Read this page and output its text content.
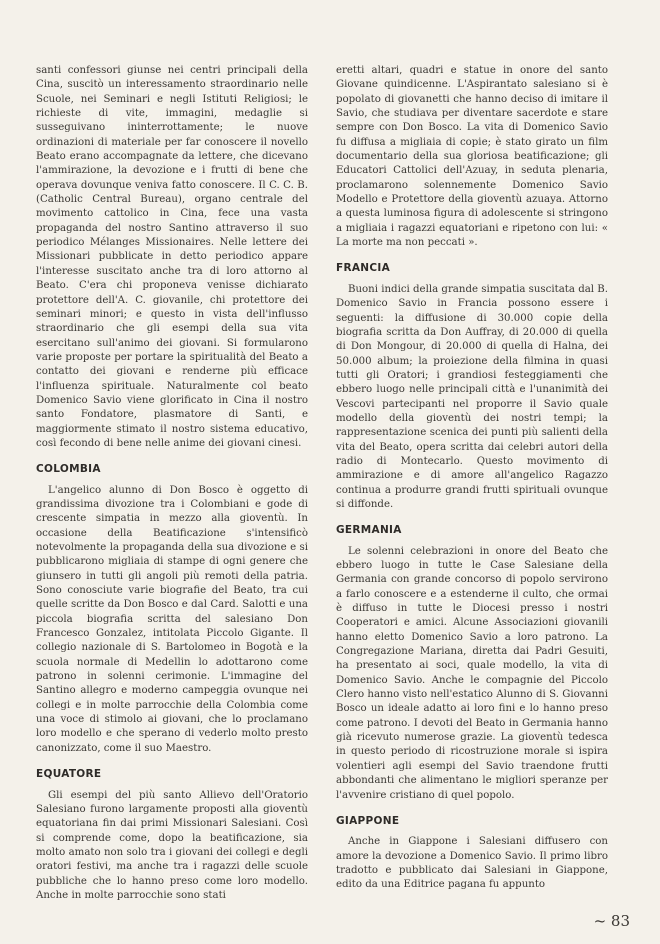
santi confessori giunse nei centri principali della Cina, suscitò un interessamento straordinario nelle Scuole, nei Seminari e negli Istituti Religiosi; le richieste di vite, immagini, medaglie si susseguivano ininterrottamente; le nuove ordinazioni di materiale per far conoscere il novello Beato erano accompagnate da lettere, che dicevano l'ammirazione, la devozione e i frutti di bene che operava dovunque veniva fatto conoscere. Il C. C. B. (Catholic Central Bureau), organo centrale del movimento cattolico in Cina, fece una vasta propaganda del nostro Santino attraverso il suo periodico Mélanges Missionaires. Nelle lettere dei Missionari pubblicate in detto periodico appare l'interesse suscitato anche tra di loro attorno al Beato. C'era chi proponeva venisse dichiarato protettore dell'A. C. giovanile, chi protettore dei seminari minori; e questo in vista dell'influsso straordinario che gli esempi della sua vita esercitano sull'animo dei giovani. Si formularono varie proposte per portare la spiritualità del Beato a contatto dei giovani e renderne più efficace l'influenza spirituale. Naturalmente col beato Domenico Savio viene glorificato in Cina il nostro santo Fondatore, plasmatore di Santi, e maggiormente stimato il nostro sistema educativo, così fecondo di bene nelle anime dei giovani cinesi.

COLOMBIA

L'angelico alunno di Don Bosco è oggetto di grandissima divozione tra i Colombiani e gode di crescente simpatia in mezzo alla gioventù. In occasione della Beatificazione s'intensificò notevolmente la propaganda della sua divozione e si pubblicarono migliaia di stampe di ogni genere che giunsero in tutti gli angoli più remoti della patria. Sono conosciute varie biografie del Beato, tra cui quelle scritte da Don Bosco e dal Card. Salotti e una piccola biografia scritta del salesiano Don Francesco Gonzalez, intitolata Piccolo Gigante. Il collegio nazionale di S. Bartolomeo in Bogotà e la scuola normale di Medellin lo adottarono come patrono in solenni cerimonie. L'immagine del Santino allegro e moderno campeggia ovunque nei collegi e in molte parrocchie della Colombia come una voce di stimolo ai giovani, che lo proclamano loro modello e che sperano di vederlo molto presto canonizzato, come il suo Maestro.

EQUATORE

Gli esempi del più santo Allievo dell'Oratorio Salesiano furono largamente proposti alla gioventù equatoriana fin dai primi Missionari Salesiani. Così si comprende come, dopo la beatificazione, sia molto amato non solo tra i giovani dei collegi e degli oratori festivi, ma anche tra i ragazzi delle scuole pubbliche che lo hanno preso come loro modello. Anche in molte parrocchie sono stati

eretti altari, quadri e statue in onore del santo Giovane quindicenne. L'Aspirantato salesiano si è popolato di giovanetti che hanno deciso di imitare il Savio, che studiava per diventare sacerdote e stare sempre con Don Bosco. La vita di Domenico Savio fu diffusa a migliaia di copie; è stato girato un film documentario della sua gloriosa beatificazione; gli Educatori Cattolici dell'Azuay, in seduta plenaria, proclamarono solennemente Domenico Savio Modello e Protettore della gioventù azuaya. Attorno a questa luminosa figura di adolescente si stringono a migliaia i ragazzi equatoriani e ripetono con lui: « La morte ma non peccati ».

FRANCIA

Buoni indici della grande simpatia suscitata dal B. Domenico Savio in Francia possono essere i seguenti: la diffusione di 30.000 copie della biografia scritta da Don Auffray, di 20.000 di quella di Don Mongour, di 20.000 di quella di Halna, dei 50.000 album; la proiezione della filmina in quasi tutti gli Oratori; i grandiosi festeggiamenti che ebbero luogo nelle principali città e l'unanimità dei Vescovi partecipanti nel proporre il Savio quale modello della gioventù dei nostri tempi; la rappresentazione scenica dei punti più salienti della vita del Beato, opera scritta dai celebri autori della radio di Montecarlo. Questo movimento di ammirazione e di amore all'angelico Ragazzo continua a produrre grandi frutti spirituali ovunque si diffonde.

GERMANIA

Le solenni celebrazioni in onore del Beato che ebbero luogo in tutte le Case Salesiane della Germania con grande concorso di popolo servirono a farlo conoscere e a estenderne il culto, che ormai è diffuso in tutte le Diocesi presso i nostri Cooperatori e amici. Alcune Associazioni giovanili hanno eletto Domenico Savio a loro patrono. La Congregazione Mariana, diretta dai Padri Gesuiti, ha presentato ai soci, quale modello, la vita di Domenico Savio. Anche le compagnie del Piccolo Clero hanno visto nell'estatico Alunno di S. Giovanni Bosco un ideale adatto ai loro fini e lo hanno preso come patrono. I devoti del Beato in Germania hanno già ricevuto numerose grazie. La gioventù tedesca in questo periodo di ricostruzione morale si ispira volentieri agli esempi del Savio traendone frutti abbondanti che alimentano le migliori speranze per l'avvenire cristiano di quel popolo.

GIAPPONE

Anche in Giappone i Salesiani diffusero con amore la devozione a Domenico Savio. Il primo libro tradotto e pubblicato dai Salesiani in Giappone, edito da una Editrice pagana fu appunto

~ 83
